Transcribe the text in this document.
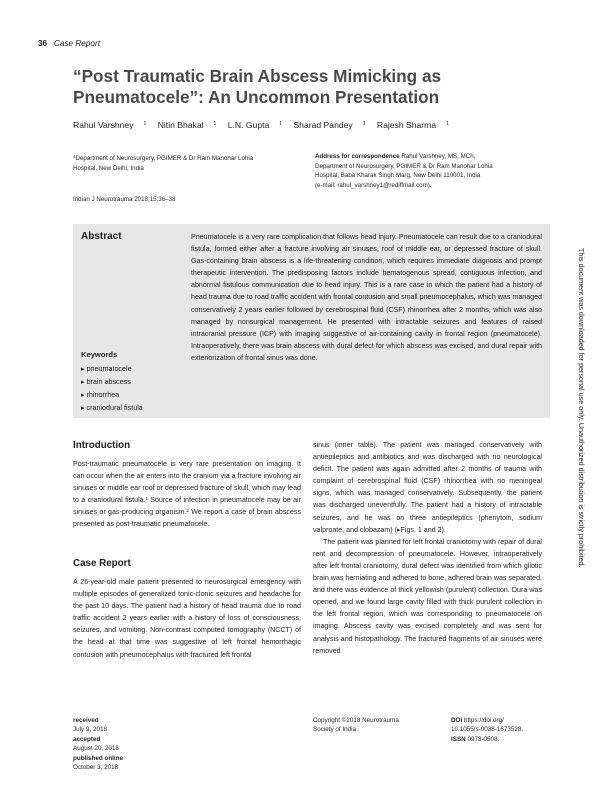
36 Case Report
“Post Traumatic Brain Abscess Mimicking as Pneumatocele”: An Uncommon Presentation
Rahul Varshney $^1$ Nitin Bhakal $^1$ L.N. Gupta $^1$ Sharad Pandey $^1$ Rajesh Sharma $^1$
$^1$Department of Neurosurgery, PGIMER & Dr Ram Manohar Lohia
Hospital, New Delhi, India
Address for correspondence Rahul Varshney, MS, MCh,
Department of Neurosurgery, PGIMER & Dr Ram Manohar Lohia
Hospital, Baba Kharak Singh Marg, New Delhi 110001, India
(e-mail: rahul_varshney1@rediffmail.com).
Indian J Neurotrauma 2018;15:36–38
Abstract	Pneumatocele is a very rare complication that follows head injury. Pneumatocele can result due to a craniodural fistula, formed either after a fracture involving air sinuses, roof of middle ear, or depressed fracture of skull. Gas-containing brain abscess is a life-threatening condition, which requires immediate diagnosis and prompt therapeutic intervention. The predisposing factors include hematogenous spread, contiguous infection, and abnormal fistulous communication due to head injury. This is a rare case in which the patient had a history of head trauma due to road traffic accident with frontal contusion and small pneumocephalus, which was managed conservatively 2 years earlier followed by cerebrospinal fluid (CSF) rhinorrhea after 2 months, which was also managed by nonsurgical management. He presented with intractable seizures and features of raised intracranial pressure (ICP) with imaging suggestive of air-containing cavity in frontal region (pneumatocele). Intraoperatively, there was brain abscess with dural defect for which abscess was excised, and dural repair with exteriorization of frontal sinus was done.
Keywords
▸ pneumatocele
▸ brain abscess
▸ rhinorrhea
▸ craniodural fistula
Introduction

Post-traumatic pneumatocele is very rare presentation on imaging. It can occur when the air enters into the cranium via a fracture involving air sinuses or middle ear roof or depressed fracture of skull, which may lead to a craniodural fistula.¹ Source of infection in pneumatocele may be air sinuses or gas-producing organism.² We report a case of brain abscess presented as post-traumatic pneumatocele.

Case Report

A 26-year-old male patient presented to neurosurgical emergency with multiple episodes of generalized tonic-clonic seizures and headache for the past 10 days. The patient had a history of head trauma due to road traffic accident 2 years earlier with a history of loss of consciousness, seizures, and vomiting. Non-contrast computed tomography (NCCT) of the head at that time was suggestive of left frontal hemorrhagic contusion with pneumocephalus with fractured left frontal

sinus (inner table). The patient was managed conservatively with antiepileptics and antibiotics and was discharged with no neurological deficit. The patient was again admitted after 2 months of trauma with complaint of cerebrospinal fluid (CSF) rhinorrhea with no meningeal signs, which was managed conservatively. Subsequently, the patient was discharged uneventfully. The patient had a history of intractable seizures, and he was on three antiepileptics (phenytoin, sodium valproate, and clobazam) (▸Figs. 1 and 2).

The patient was planned for left frontal craniotomy with repair of dural rent and decompression of pneumatocele. However, intraoperatively after left frontal craniotomy, dural defect was identified from which gliotic brain was herniating and adhered to bone, adhered brain was separated, and there was evidence of thick yellowish (purulent) collection. Dura was opened, and we found large cavity filled with thick purulent collection in the left frontal region, which was corresponding to pneumatocele on imaging. Abscess cavity was excised completely and was sent for analysis and histopathology. The fractured fragments of air sinuses were removed

This document was downloaded for personal use only. Unauthorized distribution is strictly prohibited.
received
July 9, 2018
accepted
August 20, 2018
published online
October 3, 2018
Copyright ©2018 Neurotrauma
Society of India
DOI https://doi.org/
10.1055/s-0038-1673528.
ISSN 0973-0508.
